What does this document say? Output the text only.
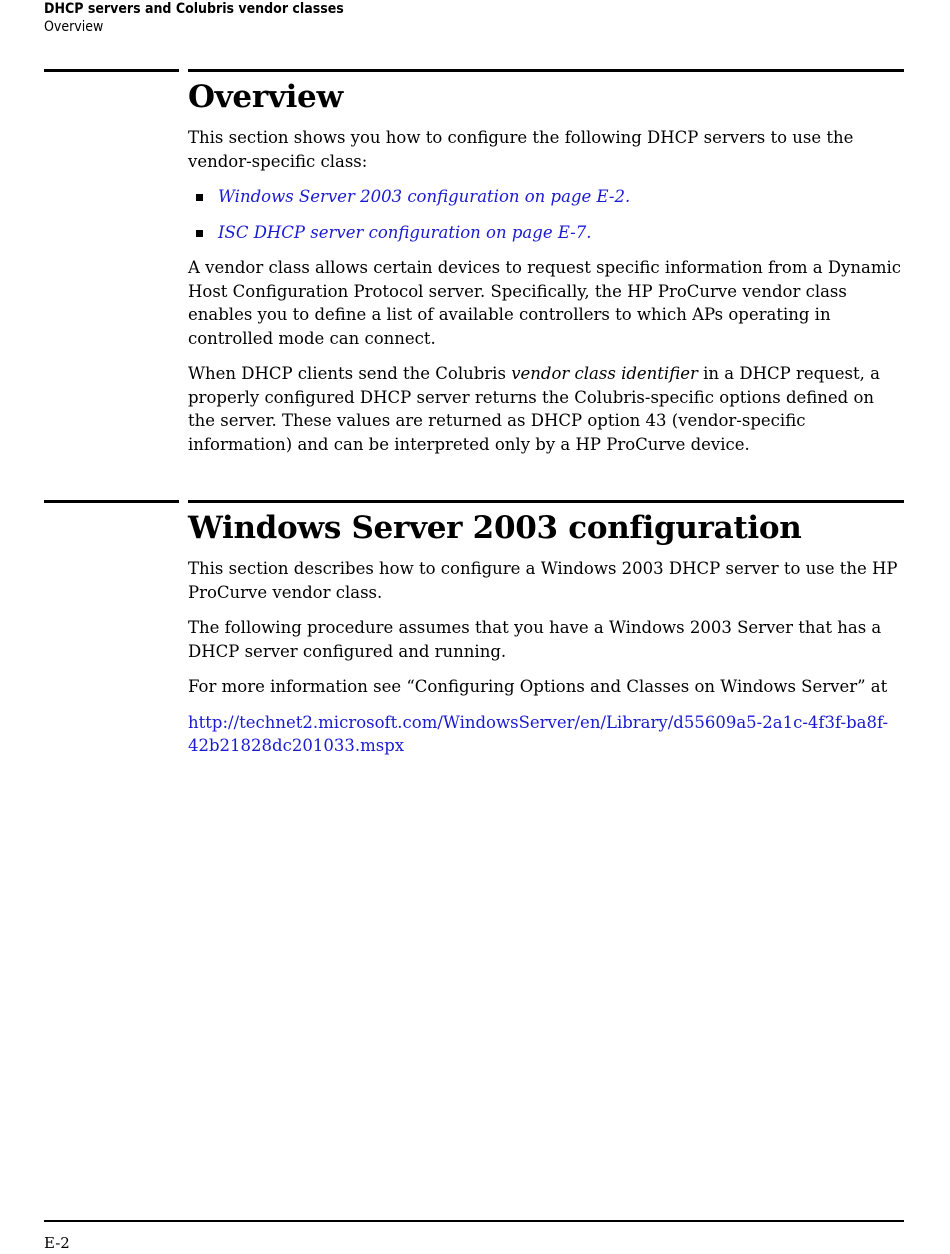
DHCP servers and Colubris vendor classes
Overview
Overview

This section shows you how to configure the following DHCP servers to use the vendor-specific class:

Windows Server 2003 configuration on page E-2.
ISC DHCP server configuration on page E-7.

A vendor class allows certain devices to request specific information from a Dynamic Host Configuration Protocol server. Specifically, the HP ProCurve vendor class enables you to define a list of available controllers to which APs operating in controlled mode can connect.

When DHCP clients send the Colubris vendor class identifier in a DHCP request, a properly configured DHCP server returns the Colubris-specific options defined on the server. These values are returned as DHCP option 43 (vendor-specific information) and can be interpreted only by a HP ProCurve device.

Windows Server 2003 configuration

This section describes how to configure a Windows 2003 DHCP server to use the HP ProCurve vendor class.

The following procedure assumes that you have a Windows 2003 Server that has a DHCP server configured and running.

For more information see “Configuring Options and Classes on Windows Server” at

http://technet2.microsoft.com/WindowsServer/en/Library/d55609a5-2a1c-4f3f-ba8f-
42b21828dc201033.mspx

E-2
